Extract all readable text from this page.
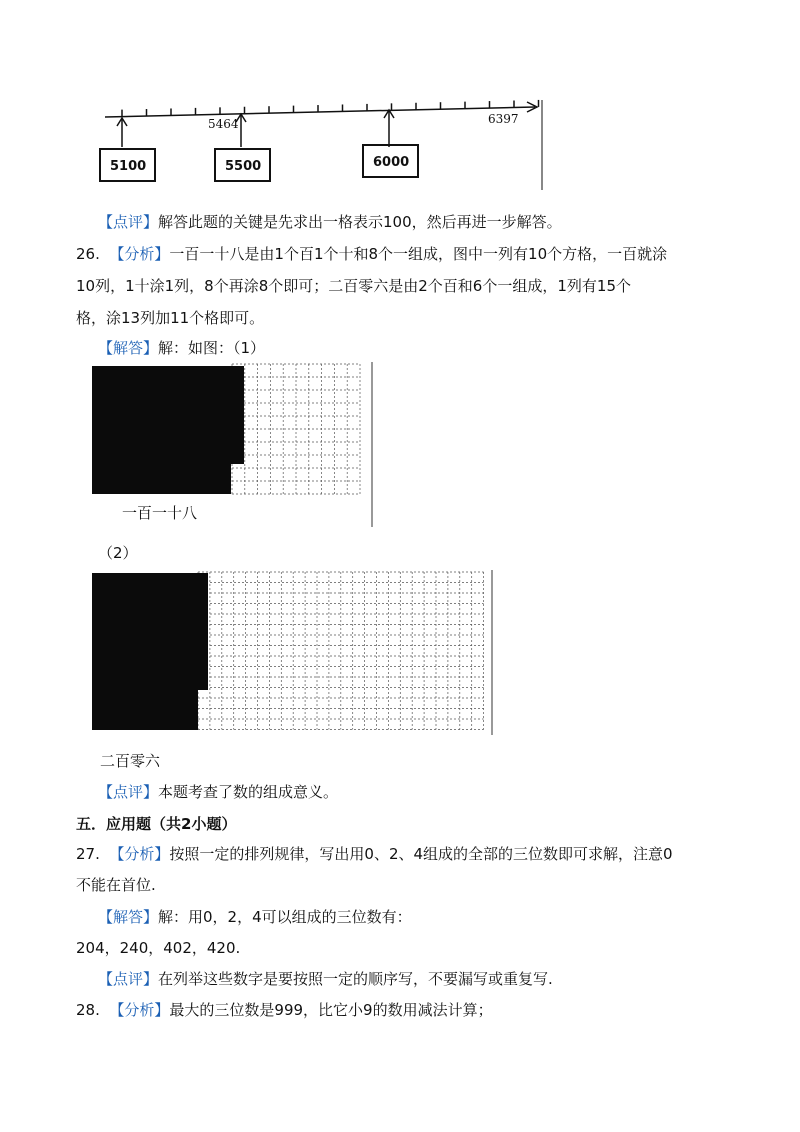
5464	6397
5100	5500	6000
【点评】解答此题的关键是先求出一格表示100，然后再进一步解答。
26. 【分析】一百一十八是由1个百1个十和8个一组成，图中一列有10个方格，一百就涂
10列，1十涂1列，8个再涂8个即可；二百零六是由2个百和6个一组成，1列有15个
格，涂13列加11个格即可。
【解答】解：如图：（1）
一百一十八
（2）
二百零六
【点评】本题考查了数的组成意义。
五．应用题（共2小题）
27. 【分析】按照一定的排列规律，写出用0、2、4组成的全部的三位数即可求解，注意0
不能在首位.
【解答】解：用0，2，4可以组成的三位数有：
204，240，402，420.
【点评】在列举这些数字是要按照一定的顺序写，不要漏写或重复写.
28. 【分析】最大的三位数是999，比它小9的数用减法计算；
